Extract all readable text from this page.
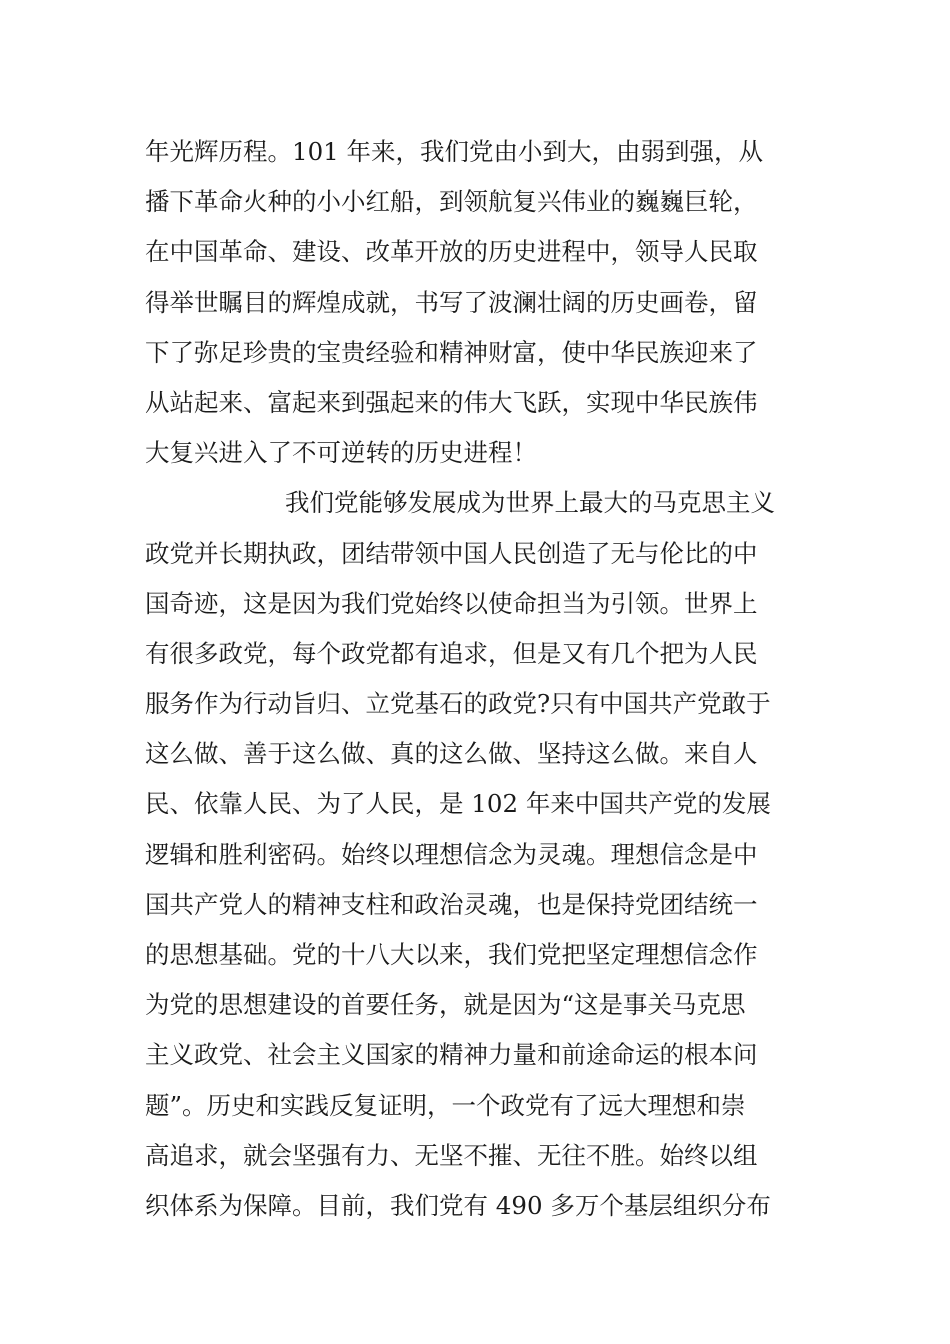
年光辉历程。101 年来，我们党由小到大，由弱到强，从
播下革命火种的小小红船，到领航复兴伟业的巍巍巨轮，
在中国革命、建设、改革开放的历史进程中，领导人民取
得举世瞩目的辉煌成就，书写了波澜壮阔的历史画卷，留
下了弥足珍贵的宝贵经验和精神财富，使中华民族迎来了
从站起来、富起来到强起来的伟大飞跃，实现中华民族伟
大复兴进入了不可逆转的历史进程！
我们党能够发展成为世界上最大的马克思主义
政党并长期执政，团结带领中国人民创造了无与伦比的中
国奇迹，这是因为我们党始终以使命担当为引领。世界上
有很多政党，每个政党都有追求，但是又有几个把为人民
服务作为行动旨归、立党基石的政党?只有中国共产党敢于
这么做、善于这么做、真的这么做、坚持这么做。来自人
民、依靠人民、为了人民，是 102 年来中国共产党的发展
逻辑和胜利密码。始终以理想信念为灵魂。理想信念是中
国共产党人的精神支柱和政治灵魂，也是保持党团结统一
的思想基础。党的十八大以来，我们党把坚定理想信念作
为党的思想建设的首要任务，就是因为“这是事关马克思
主义政党、社会主义国家的精神力量和前途命运的根本问
题”。历史和实践反复证明，一个政党有了远大理想和崇
高追求，就会坚强有力、无坚不摧、无往不胜。始终以组
织体系为保障。目前，我们党有 490 多万个基层组织分布
